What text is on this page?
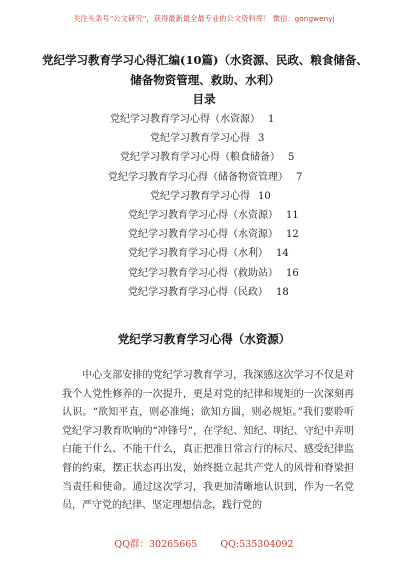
关注头条号“公文研究”，获得最新最全最专业的公文资料库！ 微信：gongwenyj
党纪学习教育学习心得汇编(10篇)（水资源、民政、粮食储备、储备物资管理、救助、水利）
目录
党纪学习教育学习心得（水资源） 1
党纪学习教育学习心得 3
党纪学习教育学习心得（粮食储备） 5
党纪学习教育学习心得（储备物资管理） 7
党纪学习教育学习心得 10
党纪学习教育学习心得（水资源） 11
党纪学习教育学习心得（水资源） 12
党纪学习教育学习心得（水利） 14
党纪学习教育学习心得（救助站） 16
党纪学习教育学习心得（民政） 18
党纪学习教育学习心得（水资源）

中心支部安排的党纪学习教育学习，我深感这次学习不仅是对我个人党性修养的一次提升，更是对党的纪律和规矩的一次深刻再认识。“欲知平直，则必准绳；欲知方圆，则必规矩。”我们要聆听党纪学习教育吹响的“冲锋号”，在学纪、知纪、明纪、守纪中弄明白能干什么、不能干什么，真正把准日常言行的标尺、感受纪律监督的约束，摆正状态再出发，始终挺立起共产党人的风骨和脊梁担当责任和使命。通过这次学习，我更加清晰地认识到，作为一名党员，严守党的纪律、坚定理想信念，践行党的

QQ群：30265665 QQ:535304092
